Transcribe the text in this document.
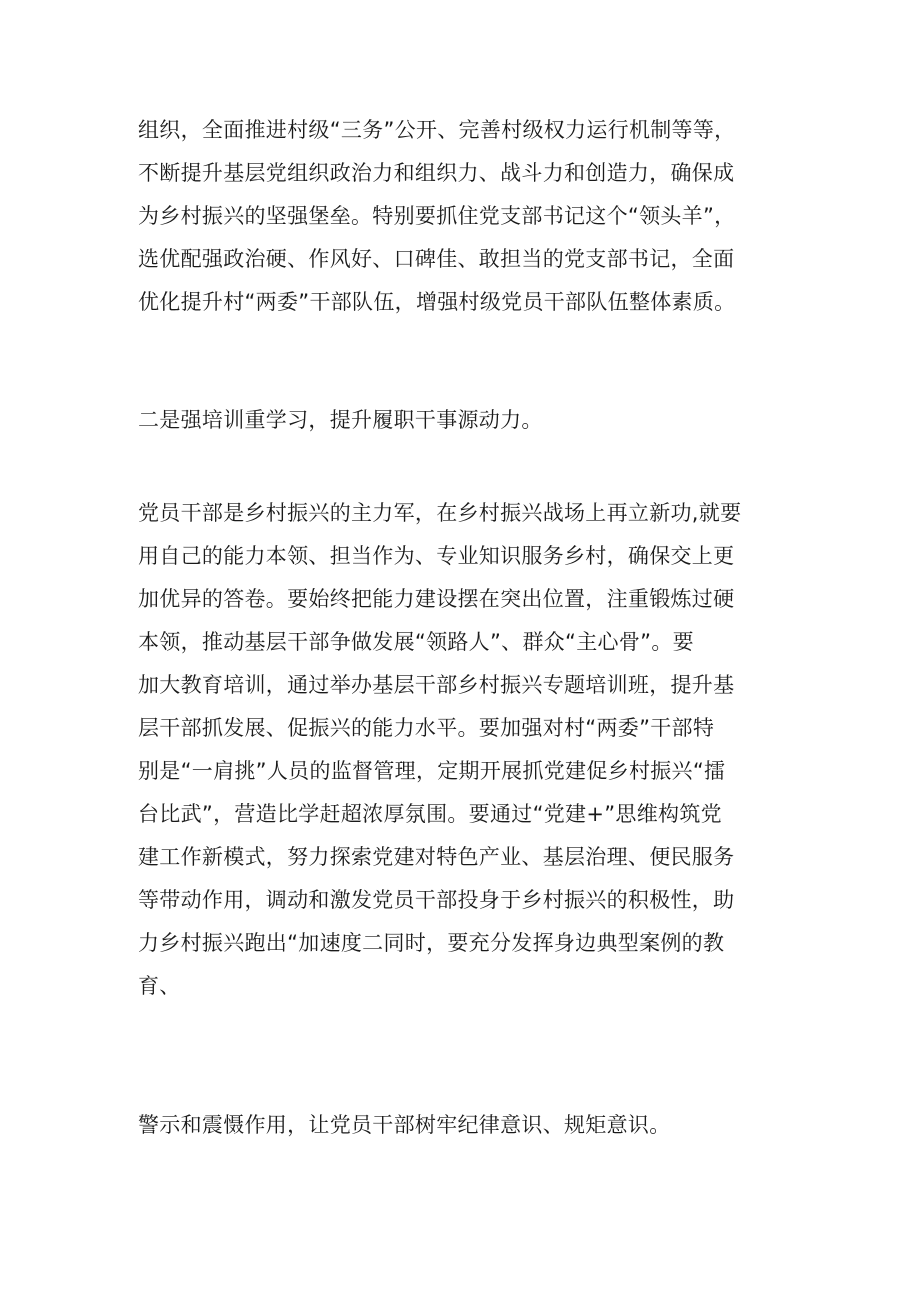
组织，全面推进村级“三务”公开、完善村级权力运行机制等等，
不断提升基层党组织政治力和组织力、战斗力和创造力，确保成
为乡村振兴的坚强堡垒。特别要抓住党支部书记这个“领头羊”，
选优配强政治硬、作风好、口碑佳、敢担当的党支部书记，全面
优化提升村“两委”干部队伍，增强村级党员干部队伍整体素质。
二是强培训重学习，提升履职干事源动力。
党员干部是乡村振兴的主力军，在乡村振兴战场上再立新功,就要
用自己的能力本领、担当作为、专业知识服务乡村，确保交上更
加优异的答卷。要始终把能力建设摆在突出位置，注重锻炼过硬
本领，推动基层干部争做发展“领路人”、群众“主心骨”。要
加大教育培训，通过举办基层干部乡村振兴专题培训班，提升基
层干部抓发展、促振兴的能力水平。要加强对村“两委”干部特
别是“一肩挑”人员的监督管理，定期开展抓党建促乡村振兴“擂
台比武”，营造比学赶超浓厚氛围。要通过“党建+”思维构筑党
建工作新模式，努力探索党建对特色产业、基层治理、便民服务
等带动作用，调动和激发党员干部投身于乡村振兴的积极性，助
力乡村振兴跑出“加速度二同时，要充分发挥身边典型案例的教
育、
警示和震慑作用，让党员干部树牢纪律意识、规矩意识。
